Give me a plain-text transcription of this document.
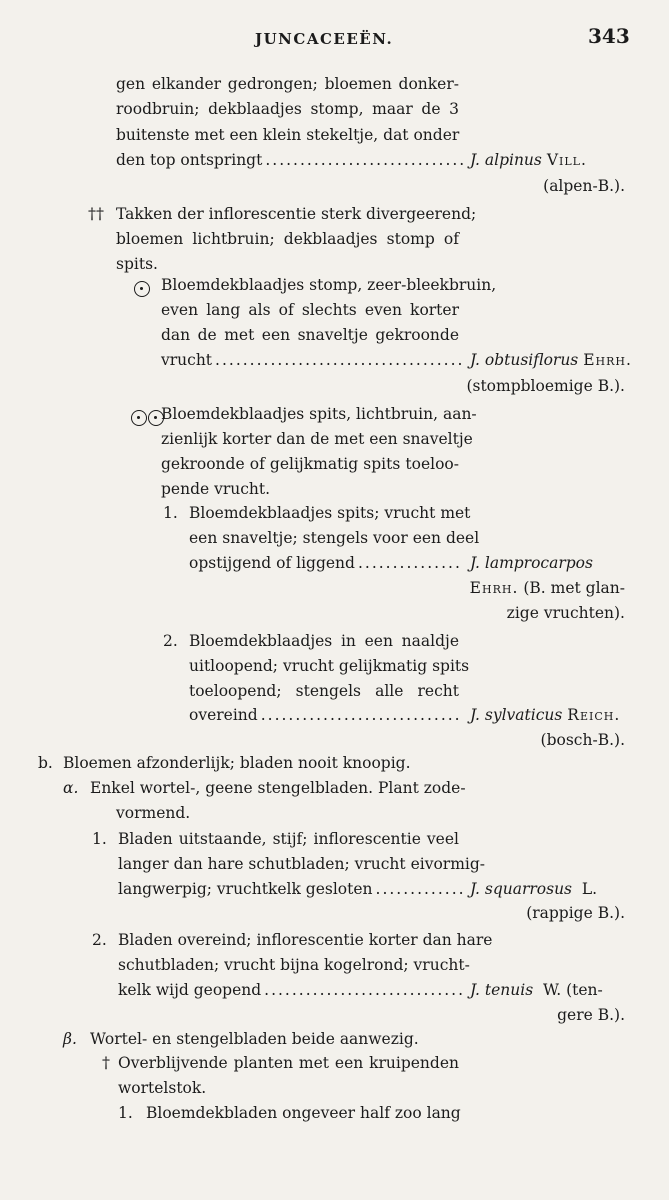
JUNCACEEËN.	343
gen elkander gedrongen; bloemen donker-
roodbruin; dekblaadjes stomp, maar de 3
buitenste met een klein stekeltje, dat onder
den top ontspringt .....	J. alpinus Vill.
(alpen-B.).
†† Takken der inflorescentie sterk divergeerend;
bloemen lichtbruin; dekblaadjes stomp of
spits.
Bloemdekblaadjes stomp, zeer-bleekbruin,
even lang als of slechts even korter
dan de met een snaveltje gekroonde
vrucht .....	J. obtusiflorus Ehrh.
(stompbloemige B.).
Bloemdekblaadjes spits, lichtbruin, aan-
zienlijk korter dan de met een snaveltje
gekroonde of gelijkmatig spits toeloo-
pende vrucht.
1. Bloemdekblaadjes spits; vrucht met
een snaveltje; stengels voor een deel
opstijgend of liggend .....	J. lamprocarpos
Ehrh. (B. met glan-
zige vruchten).
2. Bloemdekblaadjes in een naaldje
uitloopend; vrucht gelijkmatig spits
toeloopend; stengels alle recht
overeind .....	J. sylvaticus Reich.
(bosch-B.).
b. Bloemen afzonderlijk; bladen nooit knoopig.
α. Enkel wortel-, geene stengelbladen. Plant zode-
vormend.
1. Bladen uitstaande, stijf; inflorescentie veel
langer dan hare schutbladen; vrucht eivormig-
langwerpig; vruchtkelk gesloten .....	J. squarrosus L.
(rappige B.).
2. Bladen overeind; inflorescentie korter dan hare
schutbladen; vrucht bijna kogelrond; vrucht-
kelk wijd geopend .....	J. tenuis W. (ten-
gere B.).
β. Wortel- en stengelbladen beide aanwezig.
† Overblijvende planten met een kruipenden
wortelstok.
1. Bloemdekbladen ongeveer half zoo lang
